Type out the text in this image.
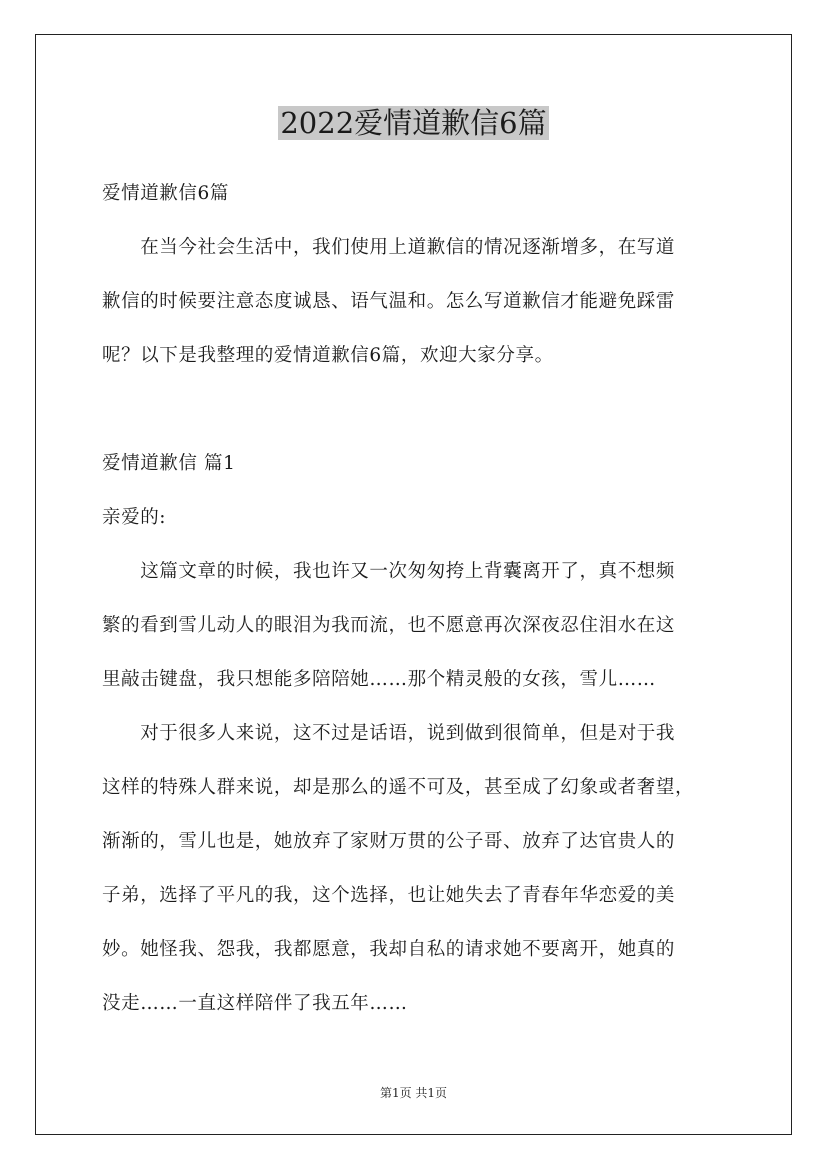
2022爱情道歉信6篇
爱情道歉信6篇
　　在当今社会生活中，我们使用上道歉信的情况逐渐增多，在写道
歉信的时候要注意态度诚恳、语气温和。怎么写道歉信才能避免踩雷
呢？以下是我整理的爱情道歉信6篇，欢迎大家分享。
爱情道歉信 篇1
亲爱的:
　　这篇文章的时候，我也许又一次匆匆挎上背囊离开了，真不想频
繁的看到雪儿动人的眼泪为我而流，也不愿意再次深夜忍住泪水在这
里敲击键盘，我只想能多陪陪她……那个精灵般的女孩，雪儿……
　　对于很多人来说，这不过是话语，说到做到很简单，但是对于我
这样的特殊人群来说，却是那么的遥不可及，甚至成了幻象或者奢望，
渐渐的，雪儿也是，她放弃了家财万贯的公子哥、放弃了达官贵人的
子弟，选择了平凡的我，这个选择，也让她失去了青春年华恋爱的美
妙。她怪我、怨我，我都愿意，我却自私的请求她不要离开，她真的
没走……一直这样陪伴了我五年……
第1页 共1页
